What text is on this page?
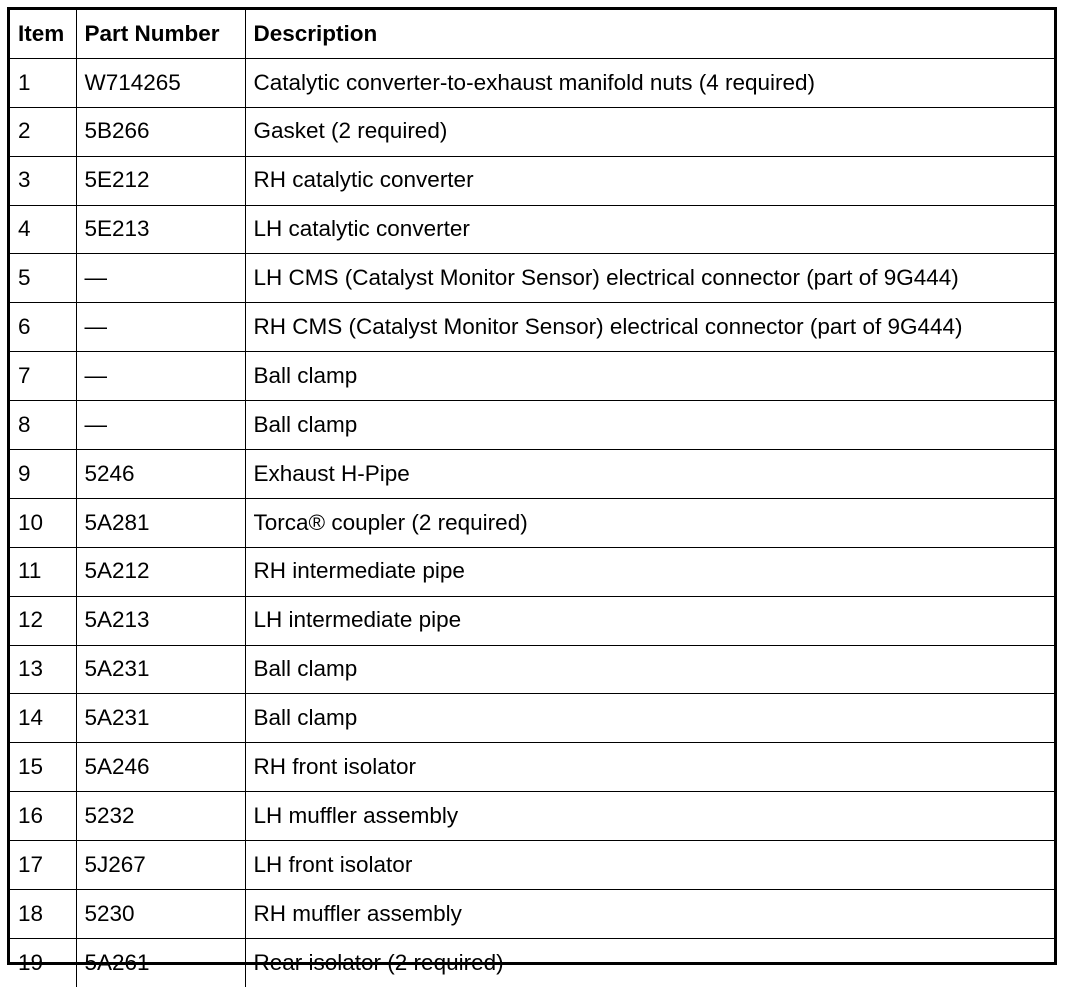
Item	Part Number	Description
1	W714265	Catalytic converter-to-exhaust manifold nuts (4 required)
2	5B266	Gasket (2 required)
3	5E212	RH catalytic converter
4	5E213	LH catalytic converter
5	—	LH CMS (Catalyst Monitor Sensor) electrical connector (part of 9G444)
6	—	RH CMS (Catalyst Monitor Sensor) electrical connector (part of 9G444)
7	—	Ball clamp
8	—	Ball clamp
9	5246	Exhaust H-Pipe
10	5A281	Torca® coupler (2 required)
11	5A212	RH intermediate pipe
12	5A213	LH intermediate pipe
13	5A231	Ball clamp
14	5A231	Ball clamp
15	5A246	RH front isolator
16	5232	LH muffler assembly
17	5J267	LH front isolator
18	5230	RH muffler assembly
19	5A261	Rear isolator (2 required)
